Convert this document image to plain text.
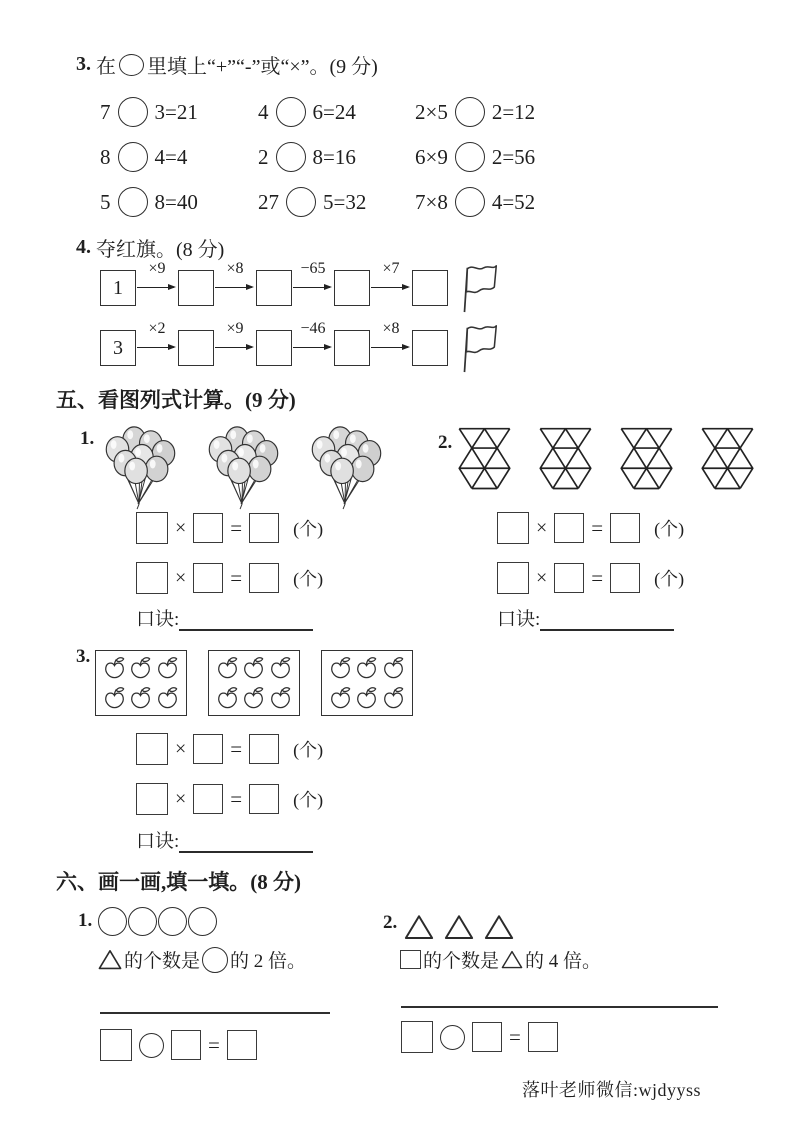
3. 在 里填上“+”“-”或“×”。(9 分)
7 3=21	4 6=24	2×5 2=12
8 4=4	2 8=16	6×9 2=56
5 8=40	27 5=32 7×8 4=52
4. 夺红旗。(8 分)
1
×9	×8	−65	×7
3
×2	×9	−46	×8
五、看图列式计算。(9 分)
1.
× =	(个)
× =	(个)
口诀:
2.
× =	(个)
× =	(个)
口诀:
3.
× =	(个)
× =	(个)
口诀:
六、画一画,填一填。(8 分)
1.
的个数是 的 2 倍。
=
2.
的个数是 的 4 倍。
=
落叶老师微信:wjdyyss
